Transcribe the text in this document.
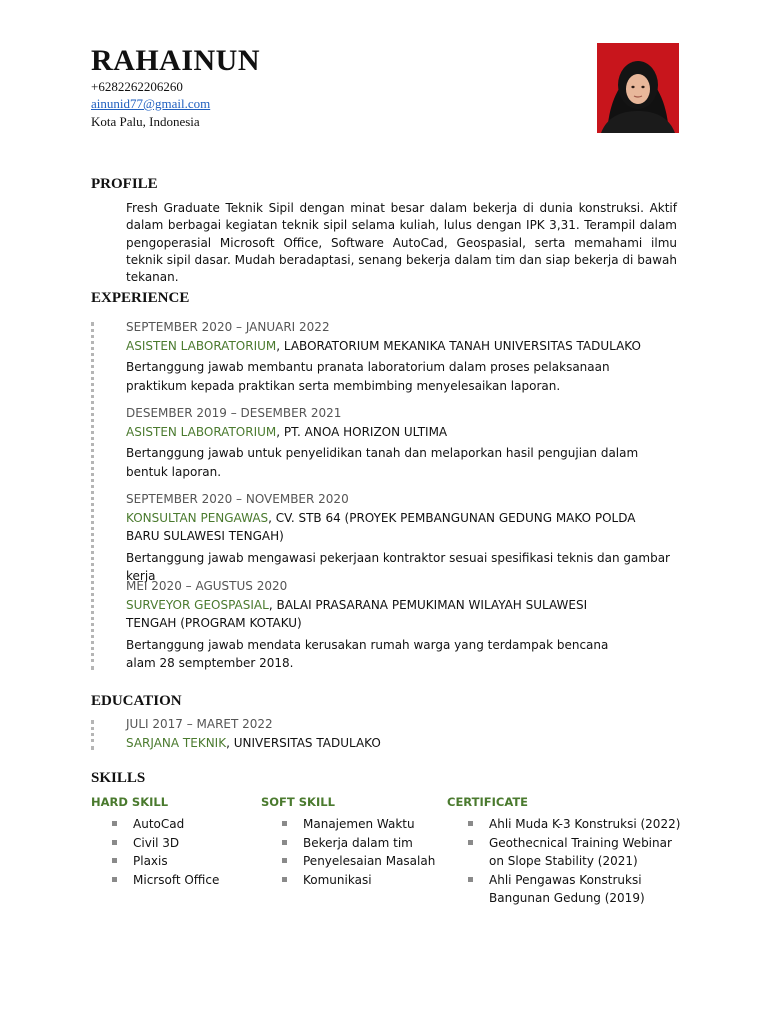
RAHAINUN
+6282262206260
ainunid77@gmail.com
Kota Palu, Indonesia
PROFILE
Fresh Graduate Teknik Sipil dengan minat besar dalam bekerja di dunia konstruksi. Aktif dalam berbagai kegiatan teknik sipil selama kuliah, lulus dengan IPK 3,31. Terampil dalam pengoperasial Microsoft Office, Software AutoCad, Geospasial, serta memahami ilmu teknik sipil dasar. Mudah beradaptasi, senang bekerja dalam tim dan siap bekerja di bawah tekanan.
EXPERIENCE
SEPTEMBER 2020 – JANUARI 2022
ASISTEN LABORATORIUM, LABORATORIUM MEKANIKA TANAH UNIVERSITAS TADULAKO
Bertanggung jawab membantu pranata laboratorium dalam proses pelaksanaan praktikum kepada praktikan serta membimbing menyelesaikan laporan.
DESEMBER 2019 – DESEMBER 2021
ASISTEN LABORATORIUM, PT. ANOA HORIZON ULTIMA
Bertanggung jawab untuk penyelidikan tanah dan melaporkan hasil pengujian dalam bentuk laporan.
SEPTEMBER 2020 – NOVEMBER 2020
KONSULTAN PENGAWAS, CV. STB 64 (PROYEK PEMBANGUNAN GEDUNG MAKO POLDA BARU SULAWESI TENGAH)
Bertanggung jawab mengawasi pekerjaan kontraktor sesuai spesifikasi teknis dan gambar kerja
MEI 2020 – AGUSTUS 2020
SURVEYOR GEOSPASIAL, BALAI PRASARANA PEMUKIMAN WILAYAH SULAWESI TENGAH (PROGRAM KOTAKU)
Bertanggung jawab mendata kerusakan rumah warga yang terdampak bencana alam 28 semptember 2018.
EDUCATION
JULI 2017 – MARET 2022
SARJANA TEKNIK, UNIVERSITAS TADULAKO
SKILLS
HARD SKILL
AutoCad
Civil 3D
Plaxis
Micrsoft Office
SOFT SKILL
Manajemen Waktu
Bekerja dalam tim
Penyelesaian Masalah
Komunikasi
CERTIFICATE
Ahli Muda K-3 Konstruksi (2022)
Geothecnical Training Webinar on Slope Stability (2021)
Ahli Pengawas Konstruksi Bangunan Gedung (2019)
